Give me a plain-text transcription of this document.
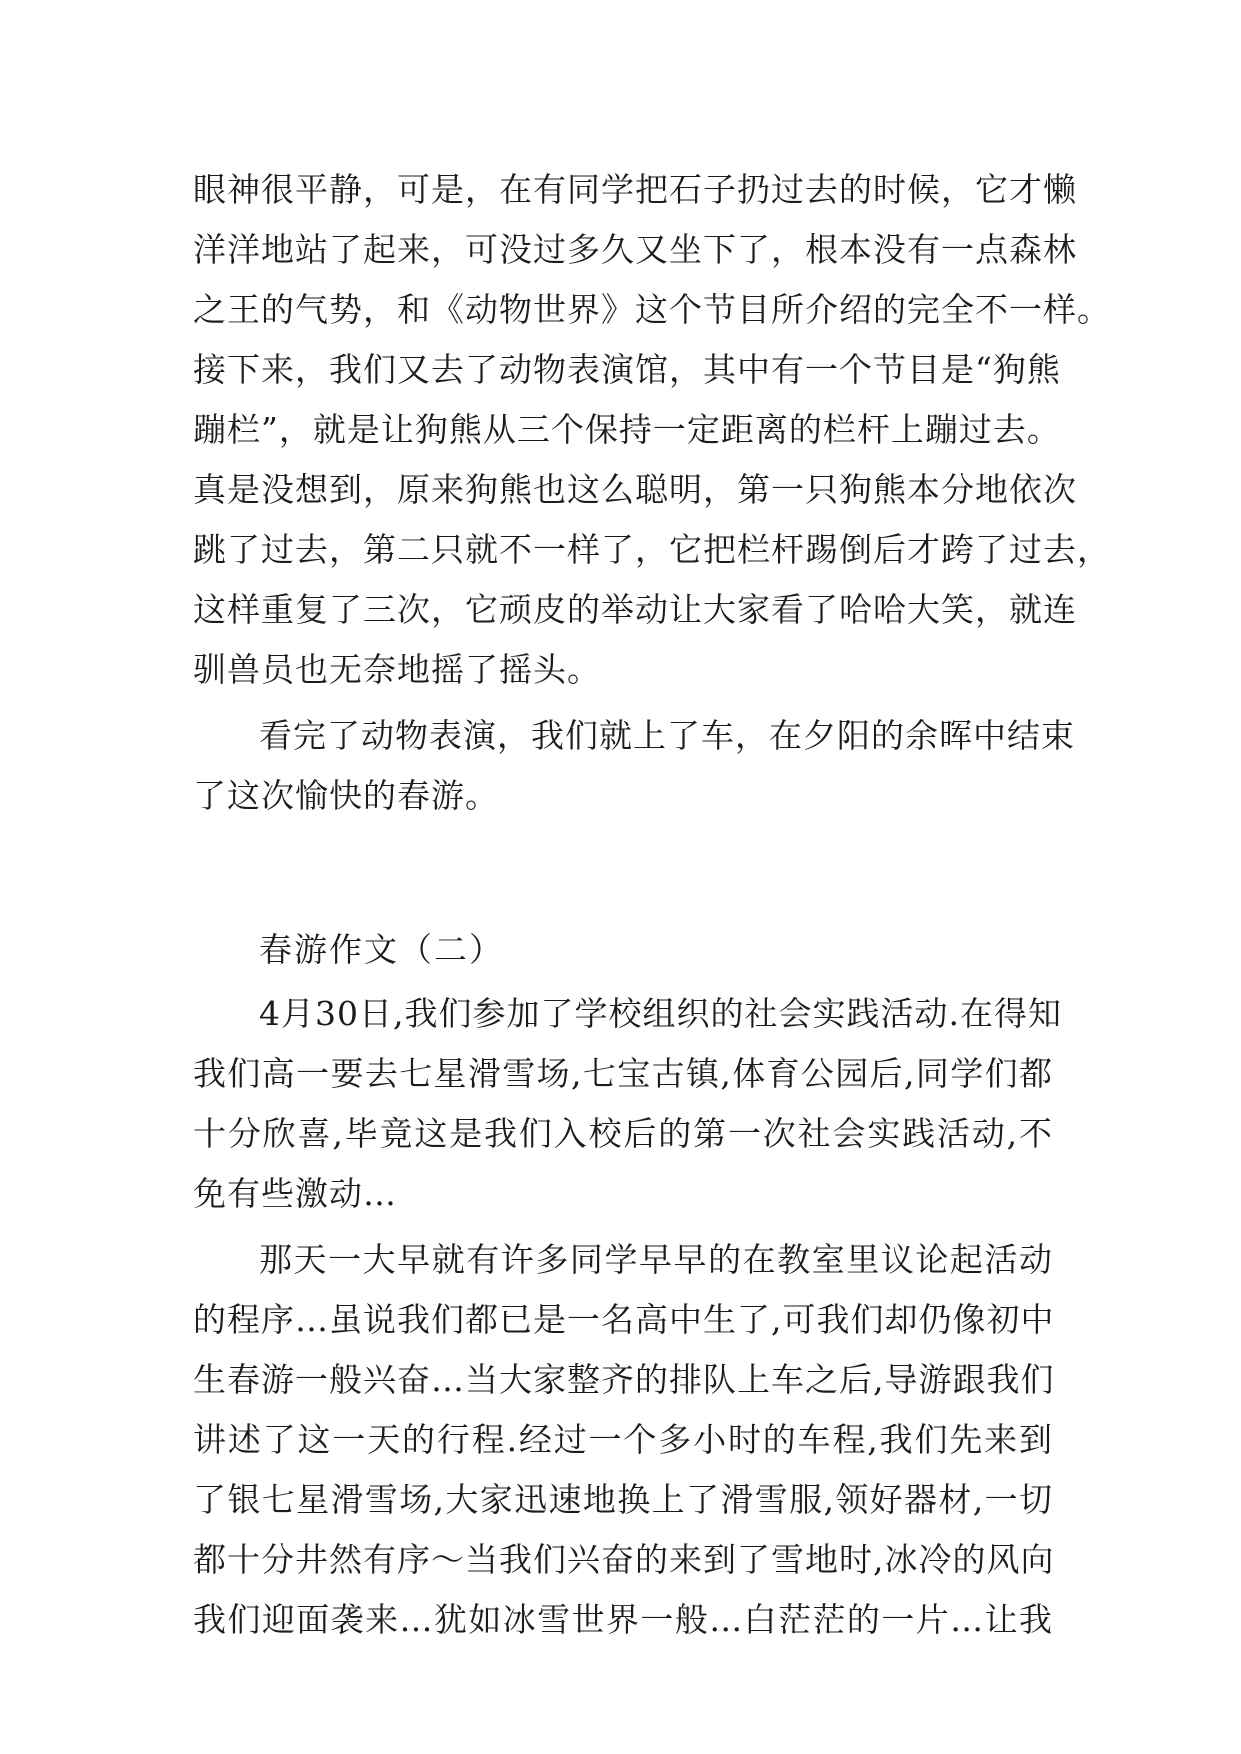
眼神很平静，可是，在有同学把石子扔过去的时候，它才懒
洋洋地站了起来，可没过多久又坐下了，根本没有一点森林
之王的气势，和《动物世界》这个节目所介绍的完全不一样。
接下来，我们又去了动物表演馆，其中有一个节目是“狗熊
蹦栏”，就是让狗熊从三个保持一定距离的栏杆上蹦过去。
真是没想到，原来狗熊也这么聪明，第一只狗熊本分地依次
跳了过去，第二只就不一样了，它把栏杆踢倒后才跨了过去，
这样重复了三次，它顽皮的举动让大家看了哈哈大笑，就连
驯兽员也无奈地摇了摇头。
看完了动物表演，我们就上了车，在夕阳的余晖中结束
了这次愉快的春游。
春游作文（二）
4月30日,我们参加了学校组织的社会实践活动.在得知
我们高一要去七星滑雪场,七宝古镇,体育公园后,同学们都
十分欣喜,毕竟这是我们入校后的第一次社会实践活动,不
免有些激动…
那天一大早就有许多同学早早的在教室里议论起活动
的程序…虽说我们都已是一名高中生了,可我们却仍像初中
生春游一般兴奋…当大家整齐的排队上车之后,导游跟我们
讲述了这一天的行程.经过一个多小时的车程,我们先来到
了银七星滑雪场,大家迅速地换上了滑雪服,领好器材,一切
都十分井然有序～当我们兴奋的来到了雪地时,冰冷的风向
我们迎面袭来…犹如冰雪世界一般…白茫茫的一片…让我
